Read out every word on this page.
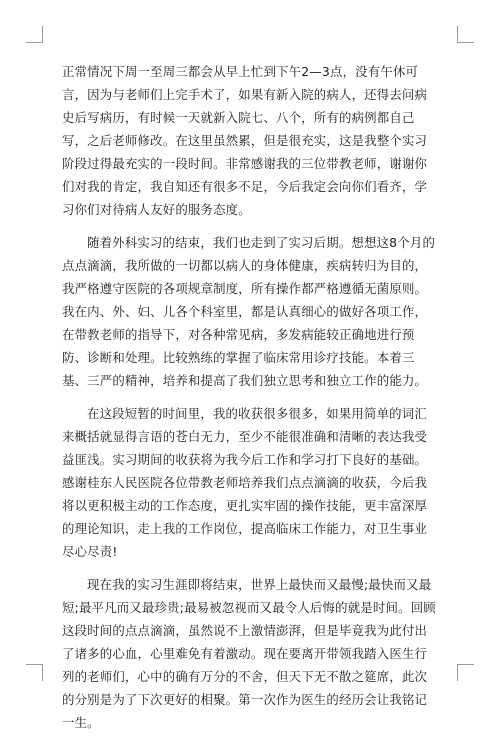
正常情况下周一至周三都会从早上忙到下午2—3点，没有午休可言，因为与老师们上完手术了，如果有新入院的病人，还得去问病史后写病历，有时候一天就新入院七、八个，所有的病例都自己写，之后老师修改。在这里虽然累，但是很充实，这是我整个实习阶段过得最充实的一段时间。非常感谢我的三位带教老师，谢谢你们对我的肯定，我自知还有很多不足，今后我定会向你们看齐，学习你们对待病人友好的服务态度。

随着外科实习的结束，我们也走到了实习后期。想想这8个月的点点滴滴，我所做的一切都以病人的身体健康，疾病转归为目的，我严格遵守医院的各项规章制度，所有操作都严格遵循无菌原则。我在内、外、妇、儿各个科室里，都是认真细心的做好各项工作，在带教老师的指导下，对各种常见病，多发病能较正确地进行预防、诊断和处理。比较熟练的掌握了临床常用诊疗技能。本着三基、三严的精神，培养和提高了我们独立思考和独立工作的能力。

在这段短暂的时间里，我的收获很多很多，如果用简单的词汇来概括就显得言语的苍白无力，至少不能很准确和清晰的表达我受益匪浅。实习期间的收获将为我今后工作和学习打下良好的基础。感谢桂东人民医院各位带教老师培养我们点点滴滴的收获，今后我将以更积极主动的工作态度，更扎实牢固的操作技能，更丰富深厚的理论知识，走上我的工作岗位，提高临床工作能力，对卫生事业尽心尽责!

现在我的实习生涯即将结束，世界上最快而又最慢;最快而又最短;最平凡而又最珍贵;最易被忽视而又最令人后悔的就是时间。回顾这段时间的点点滴滴，虽然说不上激情澎湃，但是毕竟我为此付出了诸多的心血，心里难免有着激动。现在要离开带领我踏入医生行列的老师们，心中的确有万分的不舍，但天下无不散之筵席，此次的分别是为了下次更好的相聚。第一次作为医生的经历会让我铭记一生。
